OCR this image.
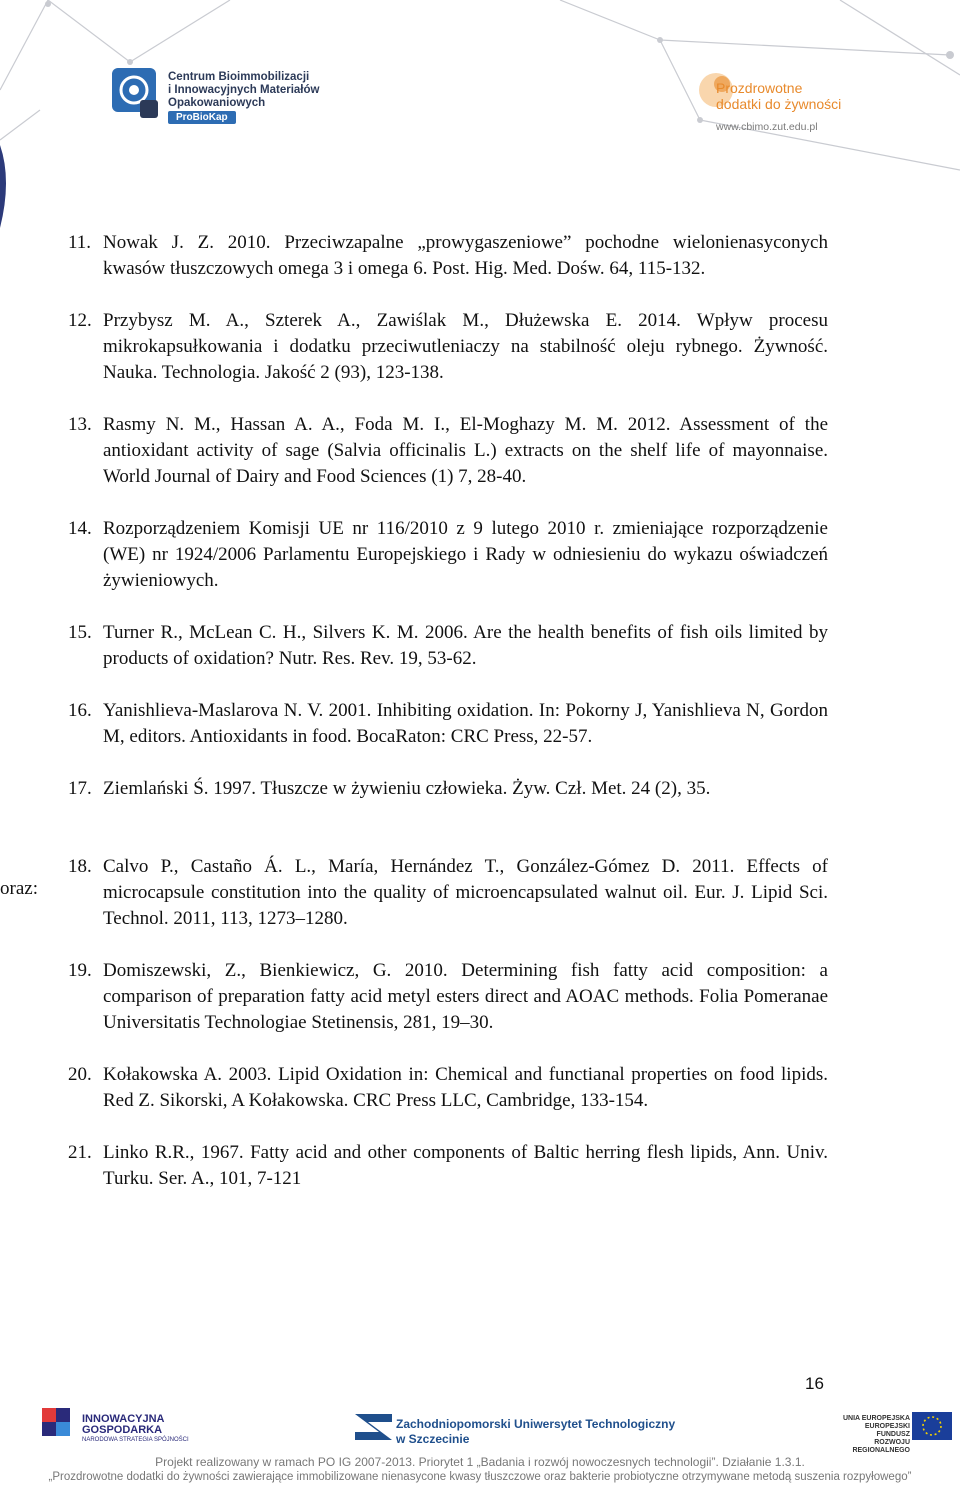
Centrum Bioimmobilizacji
i Innowacyjnych Materiałów
Opakowaniowych
ProBioKap
Prozdrowotne
dodatki do żywności
www.cbimo.zut.edu.pl
11. Nowak J. Z. 2010. Przeciwzapalne „prowygaszeniowe” pochodne wielonienasyconych kwasów tłuszczowych omega 3 i omega 6. Post. Hig. Med. Dośw. 64, 115-132.
12. Przybysz M. A., Szterek A., Zawiślak M., Dłużewska E. 2014. Wpływ procesu mikrokapsułkowania i dodatku przeciwutleniaczy na stabilność oleju rybnego. Żywność. Nauka. Technologia. Jakość 2 (93), 123-138.
13. Rasmy N. M., Hassan A. A., Foda M. I., El-Moghazy M. M. 2012. Assessment of the antioxidant activity of sage (Salvia officinalis L.) extracts on the shelf life of mayonnaise. World Journal of Dairy and Food Sciences (1) 7, 28-40.
14. Rozporządzeniem Komisji UE nr 116/2010 z 9 lutego 2010 r. zmieniające rozporządzenie (WE) nr 1924/2006 Parlamentu Europejskiego i Rady w odniesieniu do wykazu oświadczeń żywieniowych.
15. Turner R., McLean C. H., Silvers K. M. 2006. Are the health benefits of fish oils limited by products of oxidation? Nutr. Res. Rev. 19, 53-62.
16. Yanishlieva-Maslarova N. V. 2001. Inhibiting oxidation. In: Pokorny J, Yanishlieva N, Gordon M, editors. Antioxidants in food. BocaRaton: CRC Press, 22-57.
17. Ziemlański Ś. 1997. Tłuszcze w żywieniu człowieka. Żyw. Czł. Met. 24 (2), 35.
18. Calvo P., Castaño Á. L., María, Hernández T., González-Gómez D. 2011. Effects of microcapsule constitution into the quality of microencapsulated walnut oil. Eur. J. Lipid Sci. Technol. 2011, 113, 1273–1280.
19. Domiszewski, Z., Bienkiewicz, G. 2010. Determining fish fatty acid composition: a comparison of preparation fatty acid metyl esters direct and AOAC methods. Folia Pomeranae Universitatis Technologiae Stetinensis, 281, 19–30.
20. Kołakowska A. 2003. Lipid Oxidation in: Chemical and functianal properties on food lipids. Red Z. Sikorski, A Kołakowska. CRC Press LLC, Cambridge, 133-154.
21. Linko R.R., 1967. Fatty acid and other components of Baltic herring flesh lipids, Ann. Univ. Turku. Ser. A., 101, 7‑121
oraz:
16
INNOWACYJNA
GOSPODARKA
NARODOWA STRATEGIA SPÓJNOŚCI
Zachodniopomorski Uniwersytet Technologiczny
w Szczecinie
UNIA EUROPEJSKA
EUROPEJSKI FUNDUSZ
ROZWOJU REGIONALNEGO
Projekt realizowany w ramach PO IG 2007-2013. Priorytet 1 „Badania i rozwój nowoczesnych technologii”. Działanie 1.3.1.
„Prozdrowotne dodatki do żywności zawierające immobilizowane nienasycone kwasy tłuszczowe oraz bakterie probiotyczne otrzymywane metodą suszenia rozpyłowego”
